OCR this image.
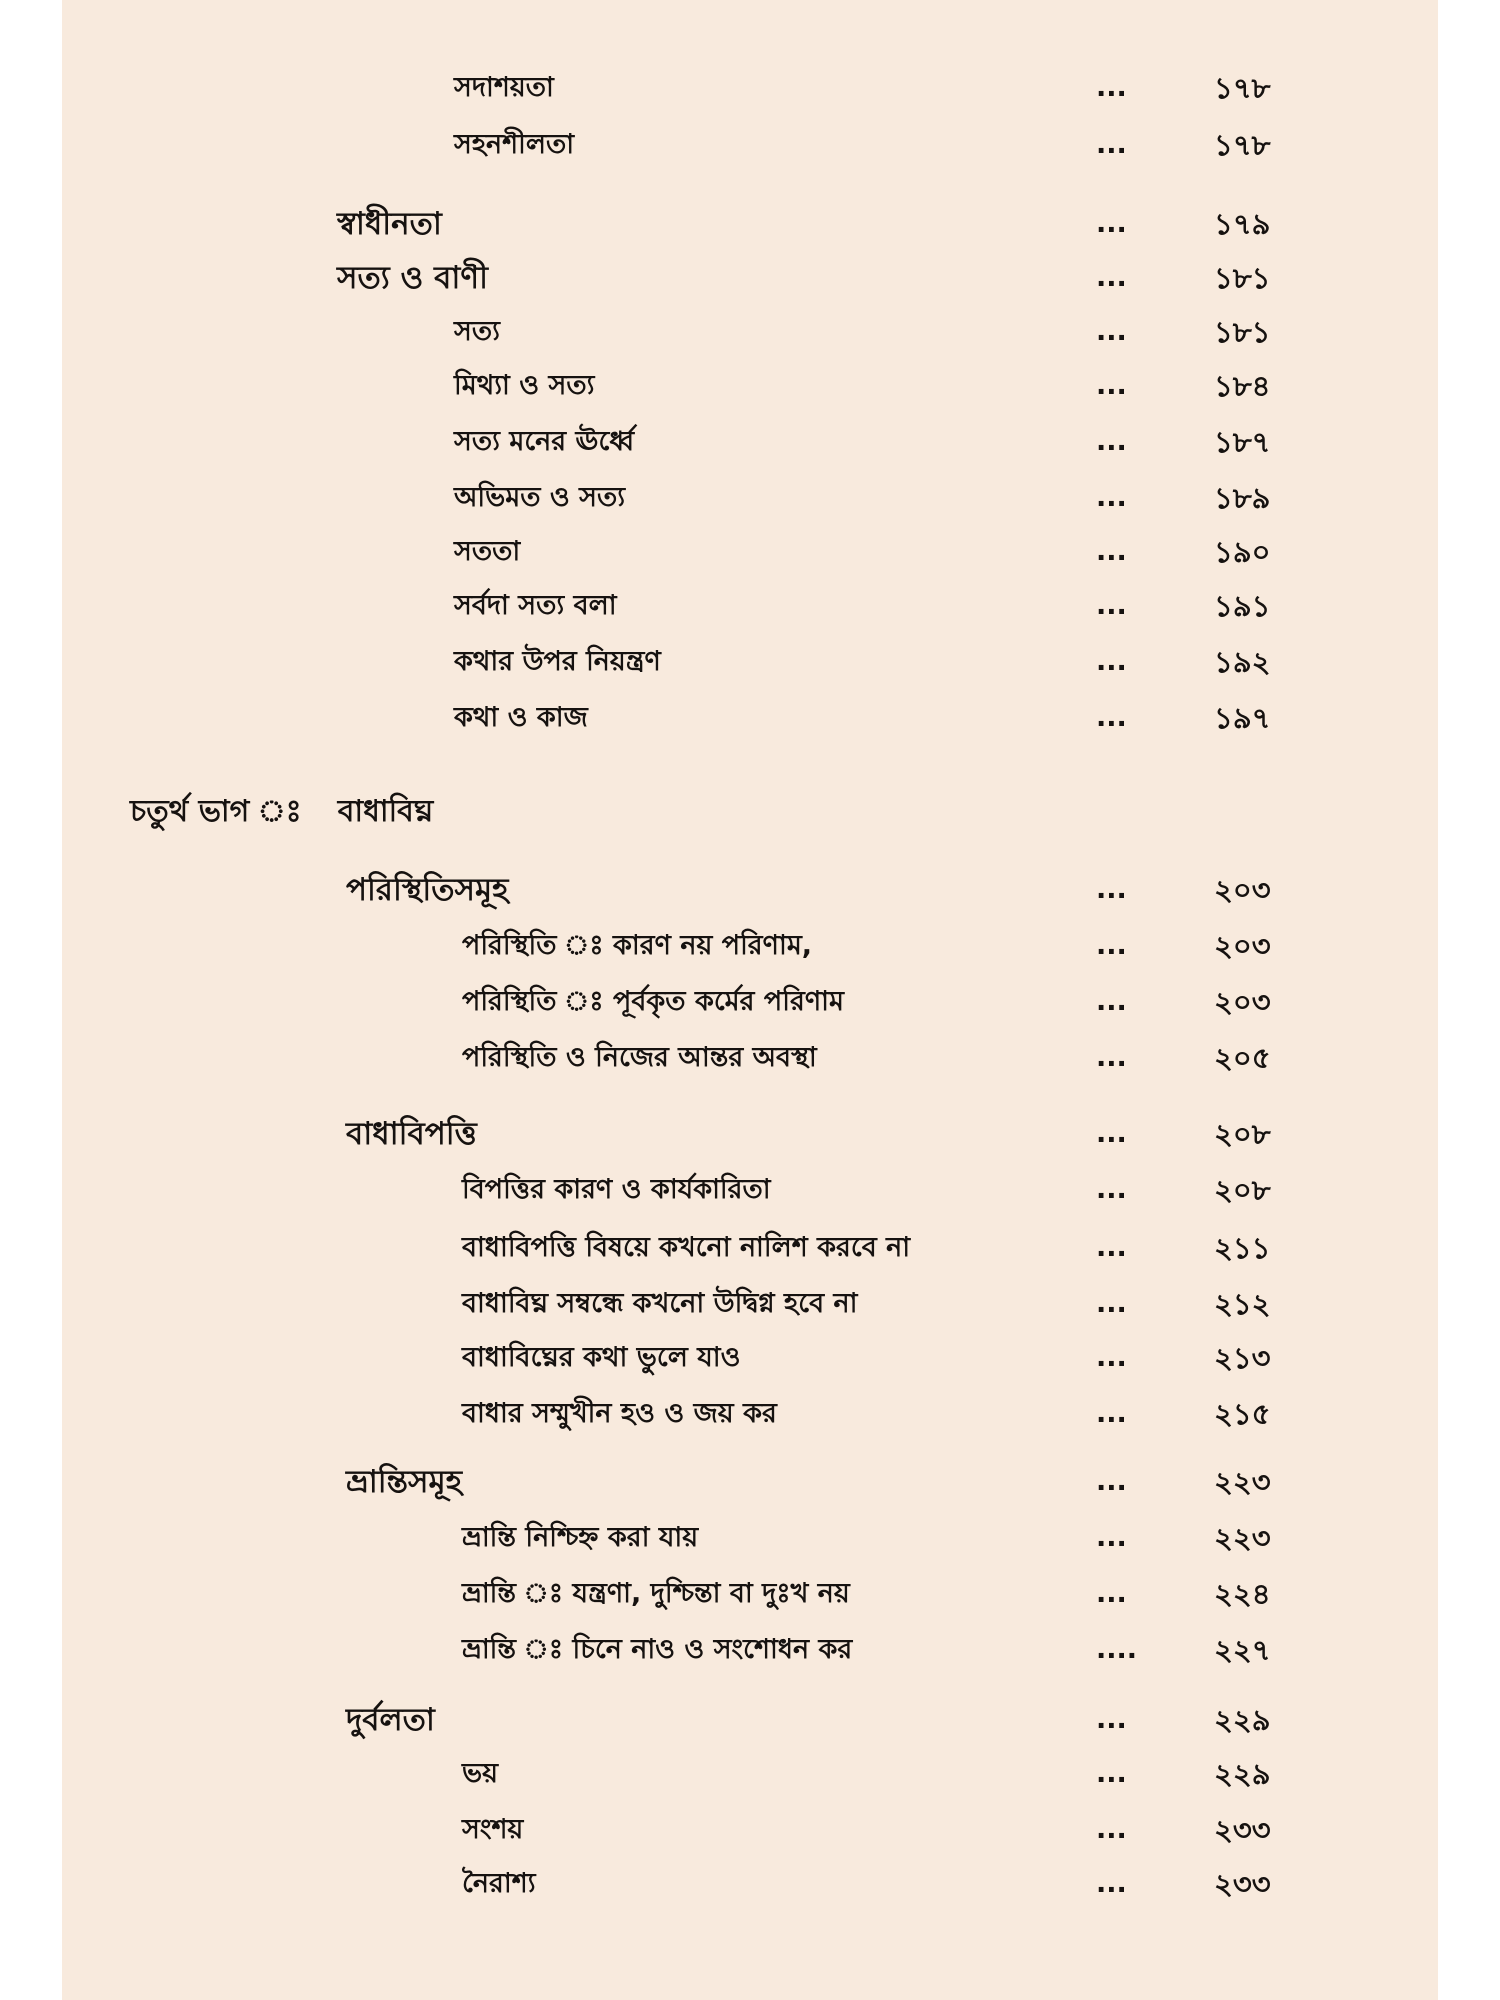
সদাশয়তা	...	১৭৮
সহনশীলতা	...	১৭৮
স্বাধীনতা	...	১৭৯
সত্য ও বাণী	...	১৮১
সত্য	...	১৮১
মিথ্যা ও সত্য	...	১৮৪
সত্য মনের ঊর্ধ্বে	...	১৮৭
অভিমত ও সত্য	...	১৮৯
সততা	...	১৯০
সর্বদা সত্য বলা	...	১৯১
কথার উপর নিয়ন্ত্রণ	...	১৯২
কথা ও কাজ	...	১৯৭
চতুর্থ ভাগ ঃ বাধাবিঘ্ন
পরিস্থিতিসমূহ	...	২০৩
পরিস্থিতি ঃ কারণ নয় পরিণাম,	...	২০৩
পরিস্থিতি ঃ পূর্বকৃত কর্মের পরিণাম	...	২০৩
পরিস্থিতি ও নিজের আন্তর অবস্থা	...	২০৫
বাধাবিপত্তি	...	২০৮
বিপত্তির কারণ ও কার্যকারিতা	...	২০৮
বাধাবিপত্তি বিষয়ে কখনো নালিশ করবে না	...	২১১
বাধাবিঘ্ন সম্বন্ধে কখনো উদ্বিগ্ন হবে না	...	২১২
বাধাবিঘ্নের কথা ভুলে যাও	...	২১৩
বাধার সম্মুখীন হও ও জয় কর	...	২১৫
ভ্রান্তিসমূহ	...	২২৩
ভ্রান্তি নিশ্চিহ্ন করা যায়	...	২২৩
ভ্রান্তি ঃ যন্ত্রণা, দুশ্চিন্তা বা দুঃখ নয়	...	২২৪
ভ্রান্তি ঃ চিনে নাও ও সংশোধন কর	....	২২৭
দুর্বলতা	...	২২৯
ভয়	...	২২৯
সংশয়	...	২৩৩
নৈরাশ্য	...	২৩৩
